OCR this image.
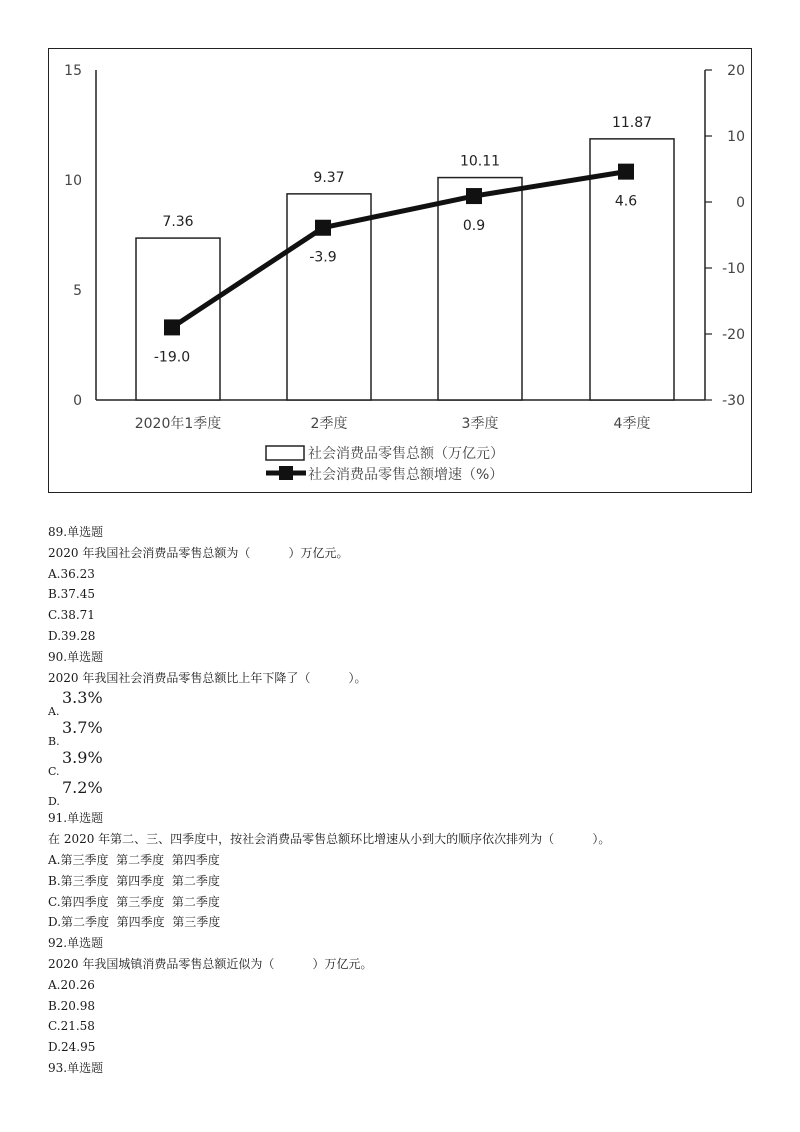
0
5
10
15
-30
-20
-10
0
10
20
7.36
9.37
10.11
11.87
2020年1季度	2季度	3季度	4季度
-19.0
-3.9
0.9
4.6
社会消费品零售总额（万亿元）
社会消费品零售总额增速（%）
89.单选题
2020 年我国社会消费品零售总额为（          ）万亿元。
A.36.23
B.37.45
C.38.71
D.39.28
90.单选题
2020 年我国社会消费品零售总额比上年下降了（          ）。
A.
3.3%
B.
3.7%
C.
3.9%
D.
7.2%
91.单选题
在 2020 年第二、三、四季度中，按社会消费品零售总额环比增速从小到大的顺序依次排列为（          ）。
A.第三季度  第二季度  第四季度
B.第三季度  第四季度  第二季度
C.第四季度  第三季度  第二季度
D.第二季度  第四季度  第三季度
92.单选题
2020 年我国城镇消费品零售总额近似为（          ）万亿元。
A.20.26
B.20.98
C.21.58
D.24.95
93.单选题
